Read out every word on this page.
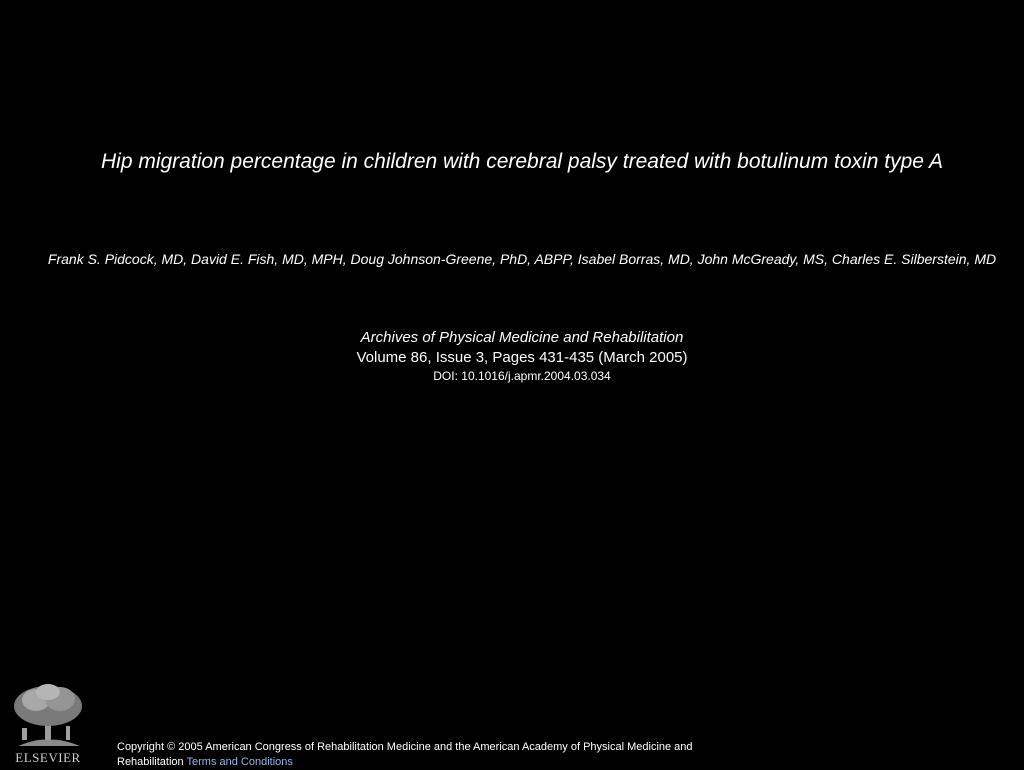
Hip migration percentage in children with cerebral palsy treated with botulinum toxin type A

Frank S. Pidcock, MD, David E. Fish, MD, MPH, Doug Johnson-Greene, PhD, ABPP, Isabel Borras, MD, John McGready, MS, Charles E. Silberstein, MD

Archives of Physical Medicine and Rehabilitation
Volume 86, Issue 3, Pages 431-435 (March 2005)
DOI: 10.1016/j.apmr.2004.03.034
ELSEVIER
Copyright © 2005 American Congress of Rehabilitation Medicine and the American Academy of Physical Medicine and Rehabilitation Terms and Conditions
